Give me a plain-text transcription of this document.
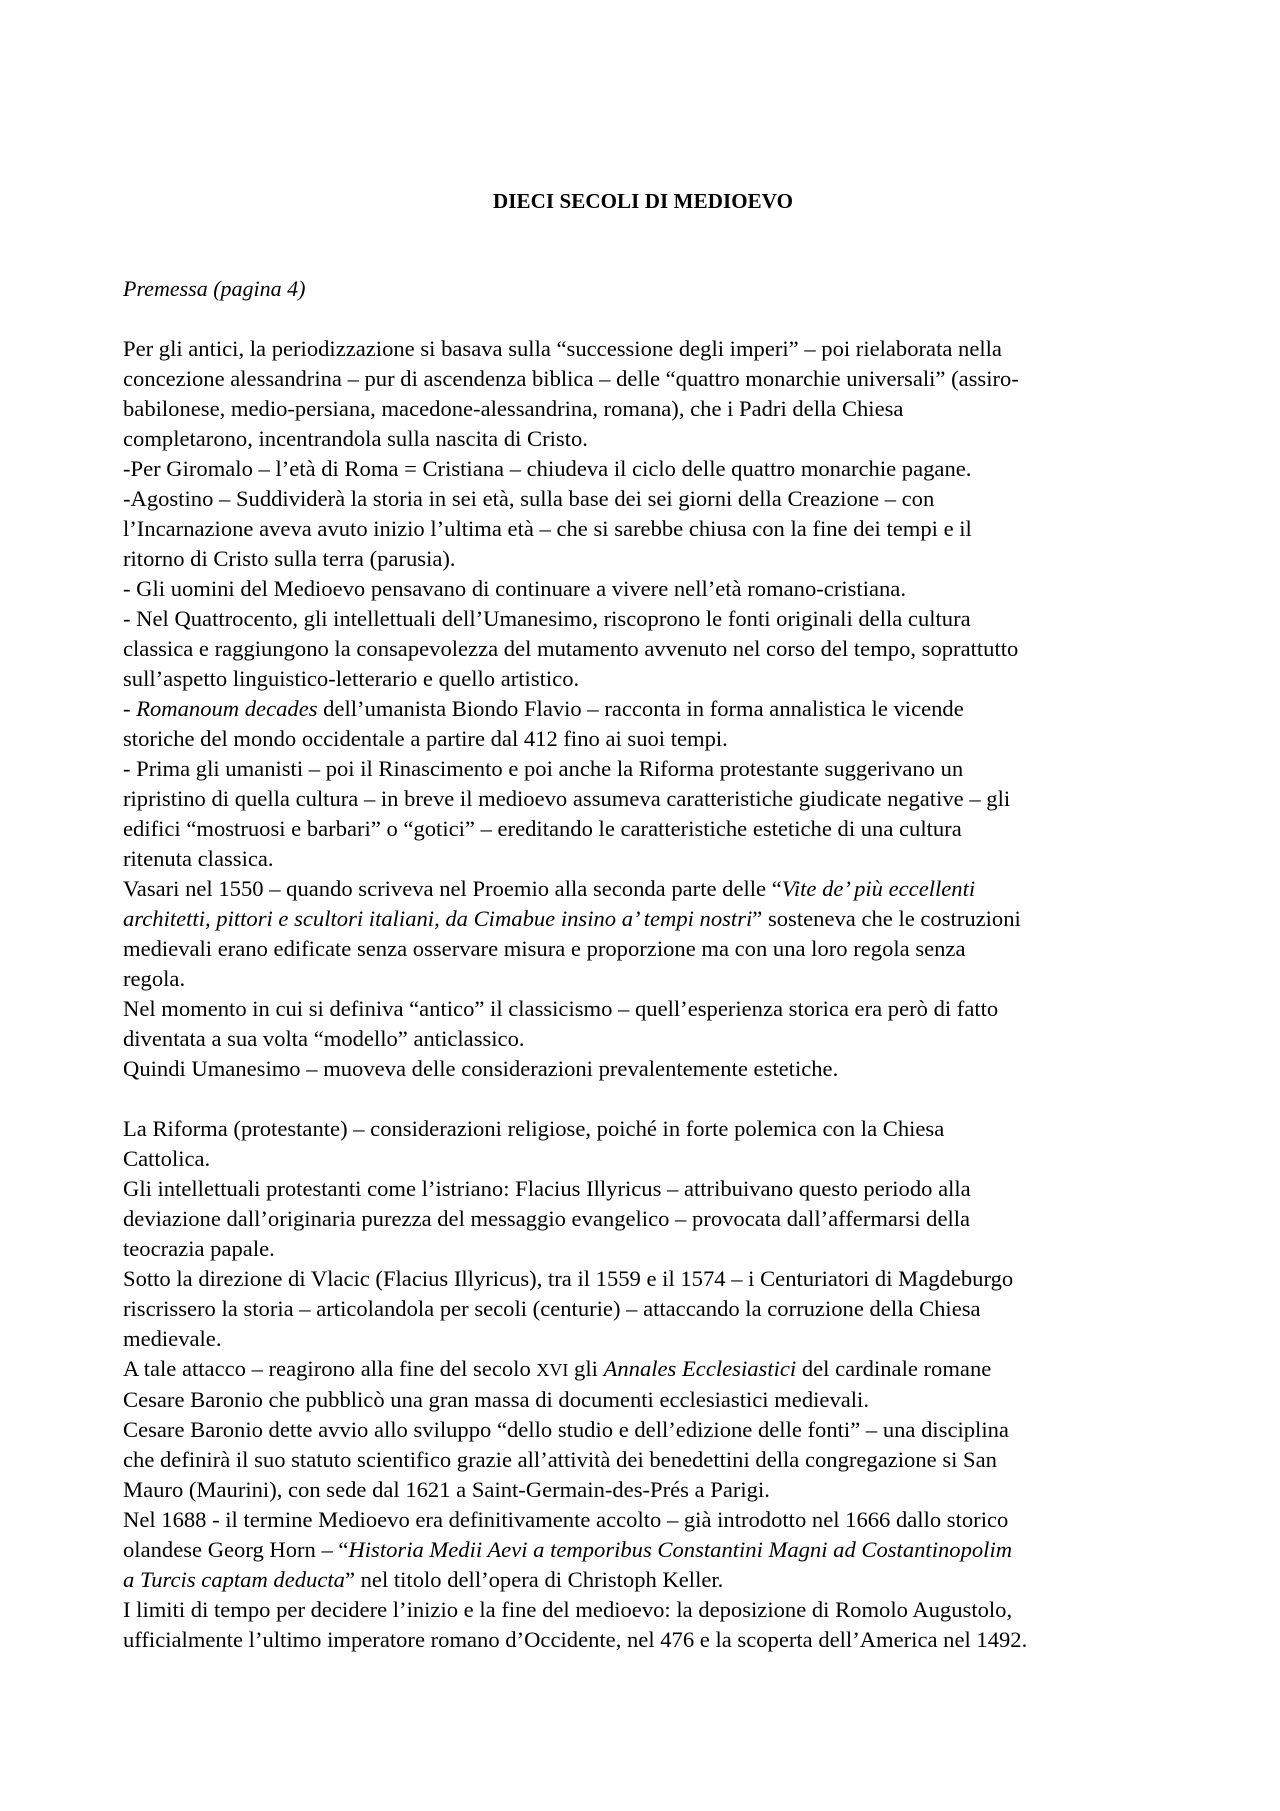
DIECI SECOLI DI MEDIOEVO
Premessa (pagina 4)

Per gli antici, la periodizzazione si basava sulla “successione degli imperi” – poi rielaborata nella

concezione alessandrina – pur di ascendenza biblica – delle “quattro monarchie universali” (assiro-

babilonese, medio-persiana, macedone-alessandrina, romana), che i Padri della Chiesa

completarono, incentrandola sulla nascita di Cristo.

-Per Giromalo – l’età di Roma = Cristiana – chiudeva il ciclo delle quattro monarchie pagane.

-Agostino – Suddividerà la storia in sei età, sulla base dei sei giorni della Creazione – con

l’Incarnazione aveva avuto inizio l’ultima età – che si sarebbe chiusa con la fine dei tempi e il

ritorno di Cristo sulla terra (parusia).

- Gli uomini del Medioevo pensavano di continuare a vivere nell’età romano-cristiana.

- Nel Quattrocento, gli intellettuali dell’Umanesimo, riscoprono le fonti originali della cultura

classica e raggiungono la consapevolezza del mutamento avvenuto nel corso del tempo, soprattutto

sull’aspetto linguistico-letterario e quello artistico.

- Romanoum decades dell’umanista Biondo Flavio – racconta in forma annalistica le vicende

storiche del mondo occidentale a partire dal 412 fino ai suoi tempi.

- Prima gli umanisti – poi il Rinascimento e poi anche la Riforma protestante suggerivano un

ripristino di quella cultura – in breve il medioevo assumeva caratteristiche giudicate negative – gli

edifici “mostruosi e barbari” o “gotici” – ereditando le caratteristiche estetiche di una cultura

ritenuta classica.

Vasari nel 1550 – quando scriveva nel Proemio alla seconda parte delle “Vite de’ più eccellenti

architetti, pittori e scultori italiani, da Cimabue insino a’ tempi nostri” sosteneva che le costruzioni

medievali erano edificate senza osservare misura e proporzione ma con una loro regola senza

regola.

Nel momento in cui si definiva “antico” il classicismo – quell’esperienza storica era però di fatto

diventata a sua volta “modello” anticlassico.

Quindi Umanesimo – muoveva delle considerazioni prevalentemente estetiche.

La Riforma (protestante) – considerazioni religiose, poiché in forte polemica con la Chiesa

Cattolica.

Gli intellettuali protestanti come l’istriano: Flacius Illyricus – attribuivano questo periodo alla

deviazione dall’originaria purezza del messaggio evangelico – provocata dall’affermarsi della

teocrazia papale.

Sotto la direzione di Vlacic (Flacius Illyricus), tra il 1559 e il 1574 – i Centuriatori di Magdeburgo

riscrissero la storia – articolandola per secoli (centurie) – attaccando la corruzione della Chiesa

medievale.

A tale attacco – reagirono alla fine del secolo XVI gli Annales Ecclesiastici del cardinale romane

Cesare Baronio che pubblicò una gran massa di documenti ecclesiastici medievali.

Cesare Baronio dette avvio allo sviluppo “dello studio e dell’edizione delle fonti” – una disciplina

che definirà il suo statuto scientifico grazie all’attività dei benedettini della congregazione si San

Mauro (Maurini), con sede dal 1621 a Saint-Germain-des-Prés a Parigi.

Nel 1688 - il termine Medioevo era definitivamente accolto – già introdotto nel 1666 dallo storico

olandese Georg Horn – “Historia Medii Aevi a temporibus Constantini Magni ad Costantinopolim

a Turcis captam deducta” nel titolo dell’opera di Christoph Keller.

I limiti di tempo per decidere l’inizio e la fine del medioevo: la deposizione di Romolo Augustolo,

ufficialmente l’ultimo imperatore romano d’Occidente, nel 476 e la scoperta dell’America nel 1492.
